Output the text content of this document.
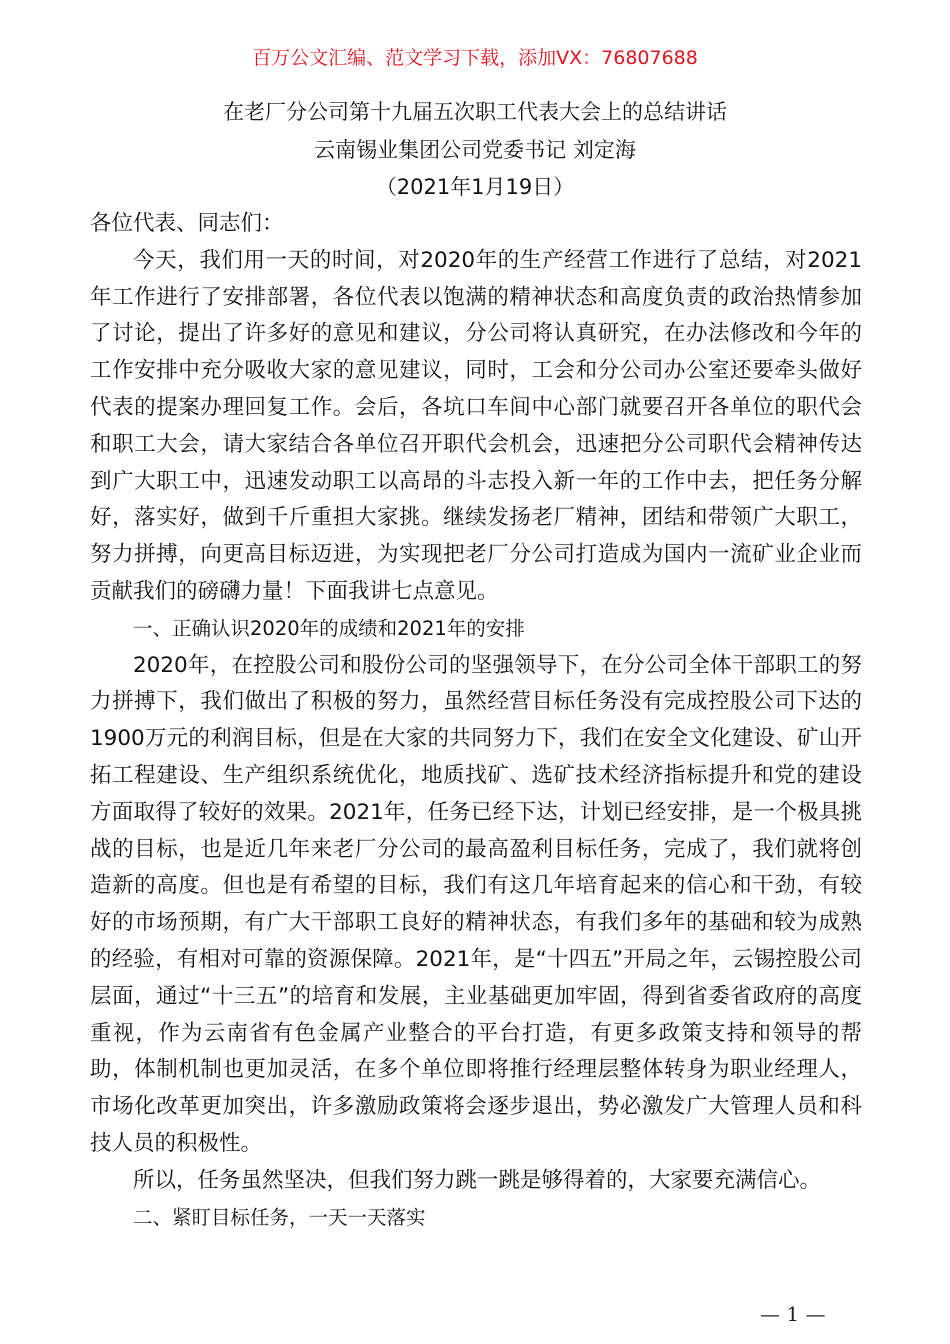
百万公文汇编、范文学习下载，添加VX：76807688
在老厂分公司第十九届五次职工代表大会上的总结讲话
云南锡业集团公司党委书记 刘定海
（2021年1月19日）

各位代表、同志们：

今天，我们用一天的时间，对2020年的生产经营工作进行了总结，对2021年工作进行了安排部署，各位代表以饱满的精神状态和高度负责的政治热情参加了讨论，提出了许多好的意见和建议，分公司将认真研究，在办法修改和今年的工作安排中充分吸收大家的意见建议，同时，工会和分公司办公室还要牵头做好代表的提案办理回复工作。会后，各坑口车间中心部门就要召开各单位的职代会和职工大会，请大家结合各单位召开职代会机会，迅速把分公司职代会精神传达到广大职工中，迅速发动职工以高昂的斗志投入新一年的工作中去，把任务分解好，落实好，做到千斤重担大家挑。继续发扬老厂精神，团结和带领广大职工，努力拼搏，向更高目标迈进，为实现把老厂分公司打造成为国内一流矿业企业而贡献我们的磅礴力量！下面我讲七点意见。

一、正确认识2020年的成绩和2021年的安排

2020年，在控股公司和股份公司的坚强领导下，在分公司全体干部职工的努力拼搏下，我们做出了积极的努力，虽然经营目标任务没有完成控股公司下达的1900万元的利润目标，但是在大家的共同努力下，我们在安全文化建设、矿山开拓工程建设、生产组织系统优化，地质找矿、选矿技术经济指标提升和党的建设方面取得了较好的效果。2021年，任务已经下达，计划已经安排，是一个极具挑战的目标，也是近几年来老厂分公司的最高盈利目标任务，完成了，我们就将创造新的高度。但也是有希望的目标，我们有这几年培育起来的信心和干劲，有较好的市场预期，有广大干部职工良好的精神状态，有我们多年的基础和较为成熟的经验，有相对可靠的资源保障。2021年，是“十四五”开局之年，云锡控股公司层面，通过“十三五”的培育和发展，主业基础更加牢固，得到省委省政府的高度重视，作为云南省有色金属产业整合的平台打造，有更多政策支持和领导的帮助，体制机制也更加灵活，在多个单位即将推行经理层整体转身为职业经理人，市场化改革更加突出，许多激励政策将会逐步退出，势必激发广大管理人员和科技人员的积极性。

所以，任务虽然坚决，但我们努力跳一跳是够得着的，大家要充满信心。

二、紧盯目标任务，一天一天落实

— 1 —
